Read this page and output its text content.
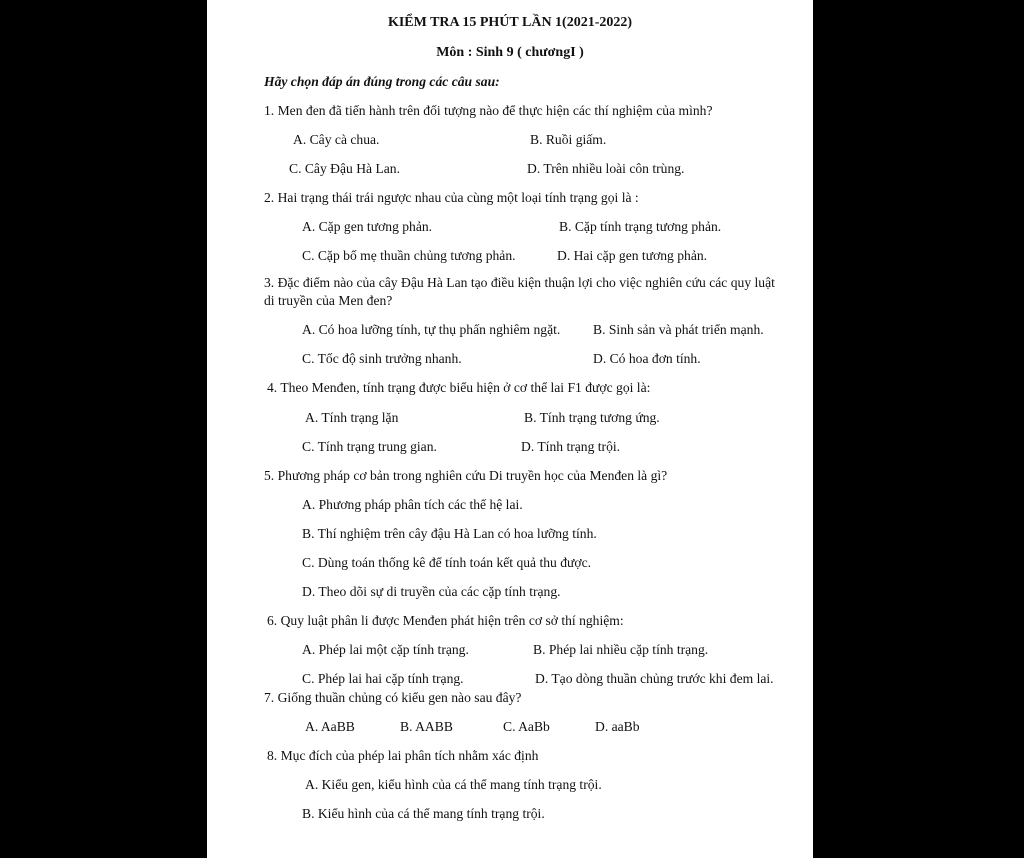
KIỂM TRA 15 PHÚT LẦN 1(2021-2022)
Môn : Sinh 9 ( chươngI )
Hãy chọn đáp án đúng trong các câu sau:
1. Men đen đã tiến hành trên đối tượng nào để thực hiện các thí nghiệm của mình?
A. Cây cà chua.	B. Ruồi giấm.
C. Cây Đậu Hà Lan.	D. Trên nhiều loài côn trùng.
2. Hai trạng thái trái ngược nhau của cùng một loại tính trạng gọi là :
A. Cặp gen tương phản.	B. Cặp tính trạng tương phản.
C. Cặp bố mẹ thuần chủng tương phản.	D. Hai cặp gen tương phản.
3. Đặc điểm nào của cây Đậu Hà Lan tạo điều kiện thuận lợi cho việc nghiên cứu các quy luật di truyền của Men đen?
A. Có hoa lưỡng tính, tự thụ phấn nghiêm ngặt. B. Sinh sản và phát triển mạnh.
C. Tốc độ sinh trưởng nhanh.	D. Có hoa đơn tính.
4. Theo Menđen, tính trạng được biểu hiện ở cơ thể lai F1 được gọi là:
A. Tính trạng lặn	B. Tính trạng tương ứng.
C. Tính trạng trung gian.	D. Tính trạng trội.
5. Phương pháp cơ bản trong nghiên cứu Di truyền học của Menđen là gì?
A. Phương pháp phân tích các thế hệ lai.
B. Thí nghiệm trên cây đậu Hà Lan có hoa lưỡng tính.
C. Dùng toán thống kê để tính toán kết quả thu được.
D. Theo dõi sự di truyền của các cặp tính trạng.
6. Quy luật phân li được Menđen phát hiện trên cơ sở thí nghiệm:
A. Phép lai một cặp tính trạng.	B. Phép lai nhiều cặp tính trạng.
C. Phép lai hai cặp tính trạng.	D. Tạo dòng thuần chủng trước khi đem lai.
7. Giống thuần chủng có kiểu gen nào sau đây?
A. AaBB	B. AABB	C. AaBb	D. aaBb
8. Mục đích của phép lai phân tích nhằm xác định
A. Kiểu gen, kiểu hình của cá thể mang tính trạng trội.
B. Kiểu hình của cá thể mang tính trạng trội.
